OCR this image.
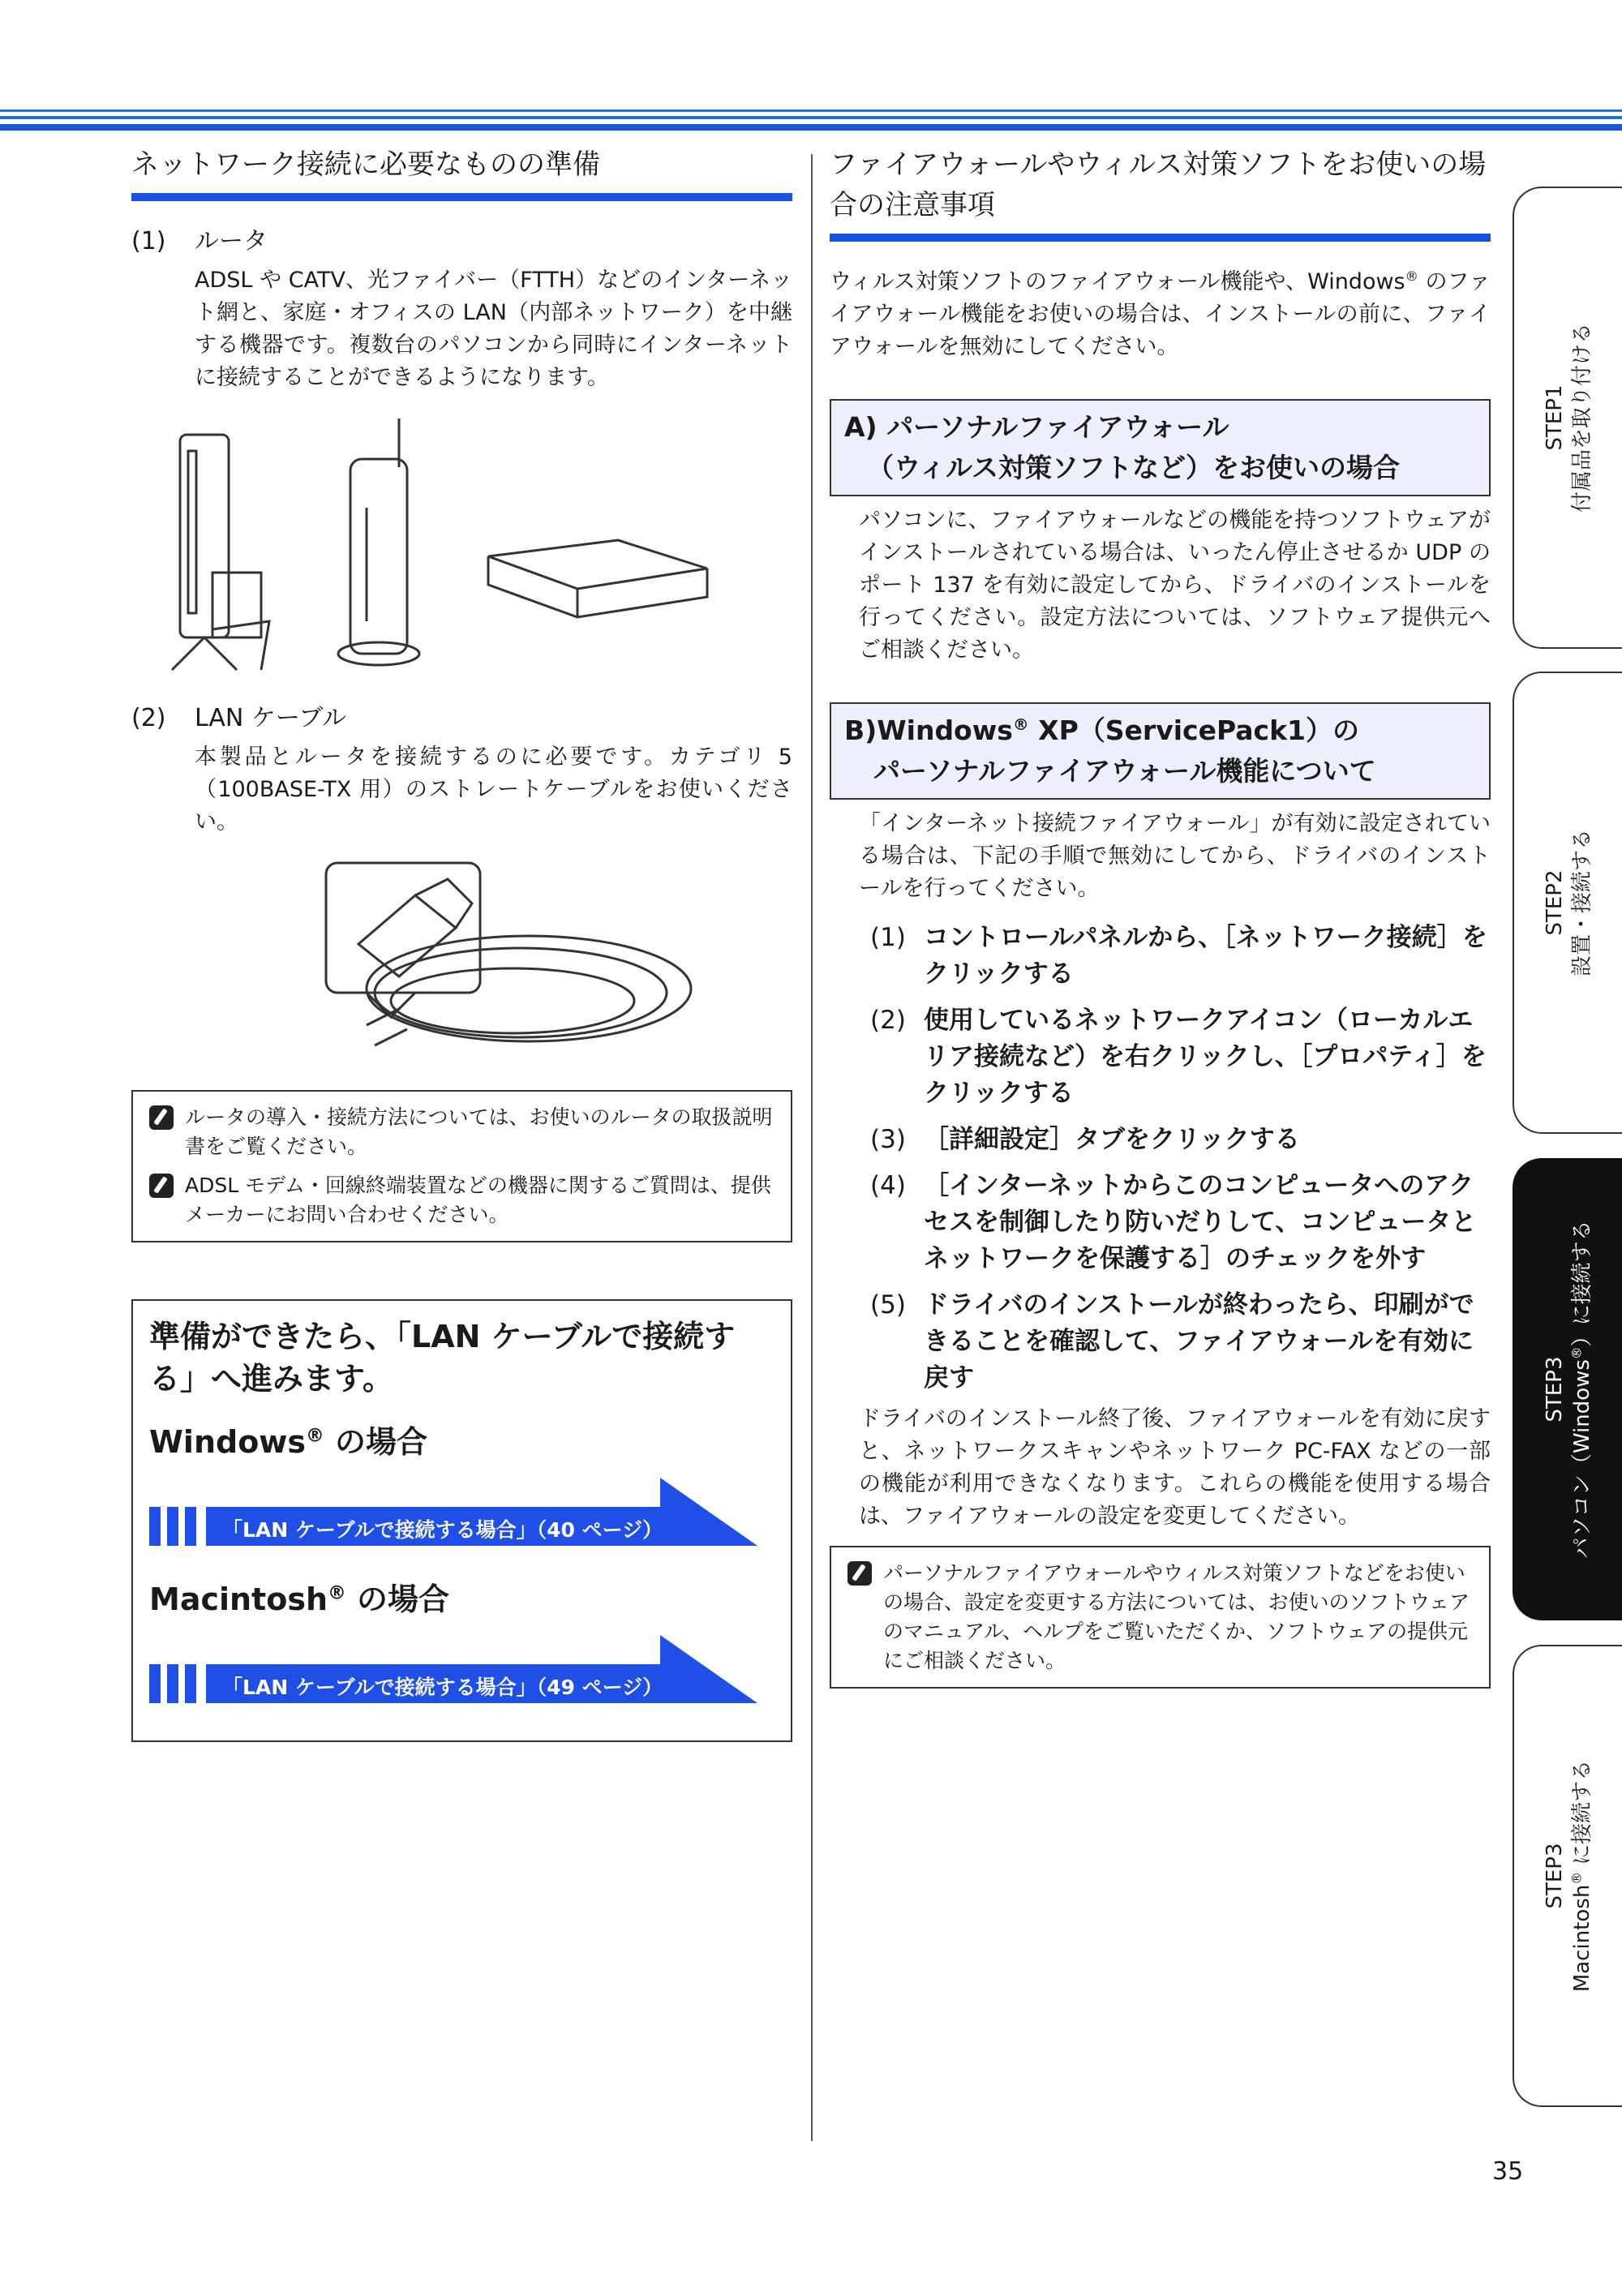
ネットワーク接続に必要なものの準備
(1)	ルータ
ADSL や CATV、光ファイバー（FTTH）などのインターネット網と、家庭・オフィスの LAN（内部ネットワーク）を中継する機器です。複数台のパソコンから同時にインターネットに接続することができるようになります。
(2)	LAN ケーブル
本製品とルータを接続するのに必要です。カテゴリ 5（100BASE-TX 用）のストレートケーブルをお使いください。
ルータの導入・接続方法については、お使いのルータの取扱説明書をご覧ください。
ADSL モデム・回線終端装置などの機器に関するご質問は、提供メーカーにお問い合わせください。
準備ができたら、「LAN ケーブルで接続する」へ進みます。
Windows® の場合
「LAN ケーブルで接続する場合」（40 ページ）
Macintosh® の場合
「LAN ケーブルで接続する場合」（49 ページ）
ファイアウォールやウィルス対策ソフトをお使いの場合の注意事項
ウィルス対策ソフトのファイアウォール機能や、Windows® のファイアウォール機能をお使いの場合は、インストールの前に、ファイアウォールを無効にしてください。
A) パーソナルファイアウォール
（ウィルス対策ソフトなど）をお使いの場合
パソコンに、ファイアウォールなどの機能を持つソフトウェアがインストールされている場合は、いったん停止させるか UDP のポート 137 を有効に設定してから、ドライバのインストールを行ってください。設定方法については、ソフトウェア提供元へご相談ください。
B)Windows® XP（ServicePack1）の
パーソナルファイアウォール機能について
「インターネット接続ファイアウォール」が有効に設定されている場合は、下記の手順で無効にしてから、ドライバのインストールを行ってください。
(1) コントロールパネルから、［ネットワーク接続］をクリックする
(2) 使用しているネットワークアイコン（ローカルエリア接続など）を右クリックし、［プロパティ］をクリックする
(3) ［詳細設定］タブをクリックする
(4) ［インターネットからこのコンピュータへのアクセスを制御したり防いだりして、コンピュータとネットワークを保護する］のチェックを外す
(5) ドライバのインストールが終わったら、印刷ができることを確認して、ファイアウォールを有効に戻す
ドライバのインストール終了後、ファイアウォールを有効に戻すと、ネットワークスキャンやネットワーク PC-FAX などの一部の機能が利用できなくなります。これらの機能を使用する場合は、ファイアウォールの設定を変更してください。
パーソナルファイアウォールやウィルス対策ソフトなどをお使いの場合、設定を変更する方法については、お使いのソフトウェアのマニュアル、ヘルプをご覧いただくか、ソフトウェアの提供元にご相談ください。
STEP1 付属品を取り付ける
STEP2 設置・接続する
STEP3 パソコン（Windows®）に接続する
STEP3
Macintosh® に接続する
35
